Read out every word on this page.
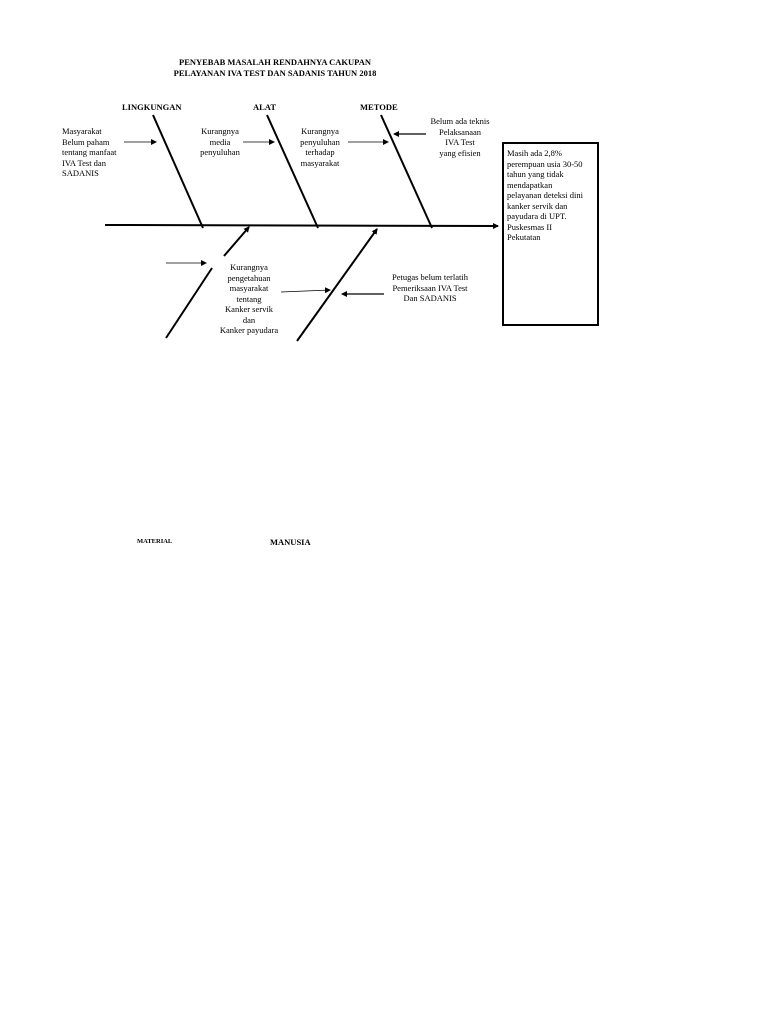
PENYEBAB MASALAH RENDAHNYA CAKUPAN
PELAYANAN IVA TEST DAN SADANIS TAHUN 2018
LINGKUNGAN	ALAT	METODE
MATERIAL	MANUSIA
Masyarakat
Belum paham
tentang manfaat
IVA Test dan
SADANIS
Kurangnya
media
penyuluhan
Kurangnya
penyuluhan
terhadap
masyarakat
Belum ada teknis
Pelaksanaan
IVA Test
yang efisien
Kurangnya
pengetahuan
masyarakat
tentang
Kanker servik
dan
Kanker payudara
Petugas belum terlatih
Pemeriksaan IVA Test
Dan SADANIS
Masih ada 2,8%
perempuan usia 30-50
tahun yang tidak
mendapatkan
pelayanan deteksi dini
kanker servik dan
payudara di UPT.
Puskesmas II
Pekutatan
